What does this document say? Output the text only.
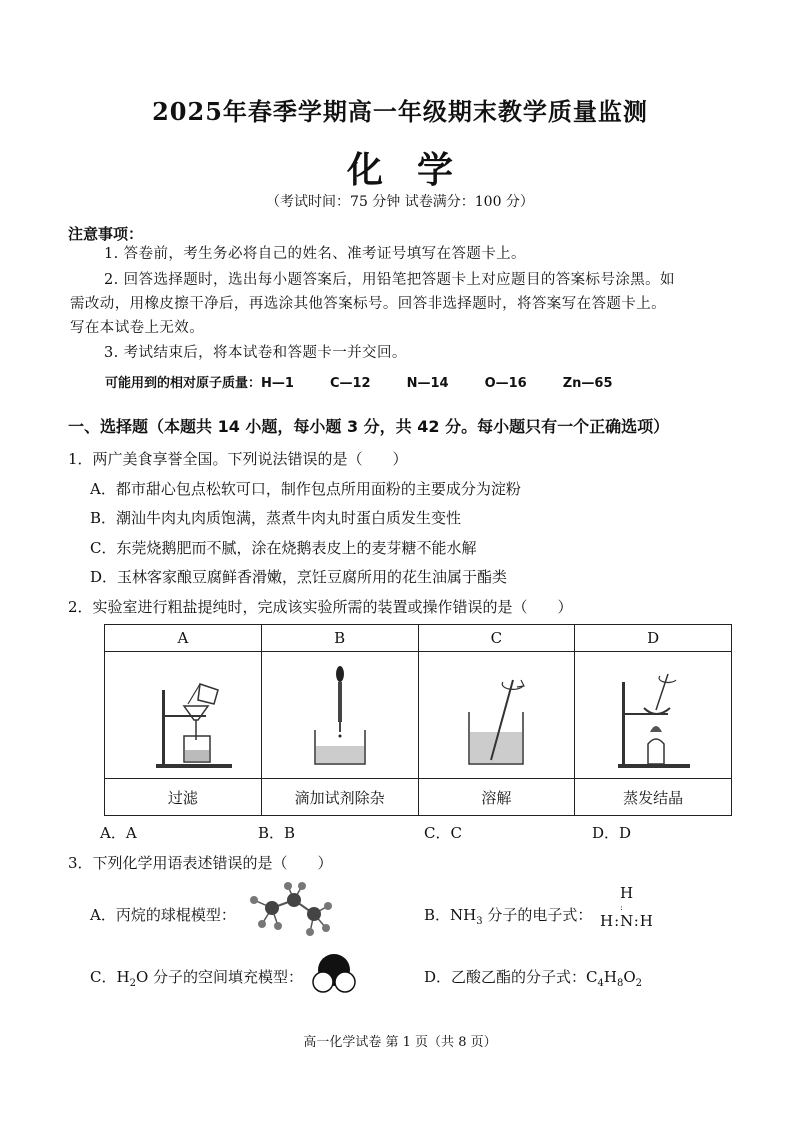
2025年春季学期高一年级期末教学质量监测
化学
（考试时间：75 分钟 试卷满分：100 分）
注意事项：
1. 答卷前，考生务必将自己的姓名、准考证号填写在答题卡上。
2. 回答选择题时，选出每小题答案后，用铅笔把答题卡上对应题目的答案标号涂黑。如
需改动，用橡皮擦干净后，再选涂其他答案标号。回答非选择题时，将答案写在答题卡上。
写在本试卷上无效。
3. 考试结束后，将本试卷和答题卡一并交回。
可能用到的相对原子质量：H—1	C—12	N—14	O—16	Zn—65
一、选择题（本题共 14 小题，每小题 3 分，共 42 分。每小题只有一个正确选项）
1．两广美食享誉全国。下列说法错误的是（　　）
A．都市甜心包点松软可口，制作包点所用面粉的主要成分为淀粉
B．潮汕牛肉丸肉质饱满，蒸煮牛肉丸时蛋白质发生变性
C．东莞烧鹅肥而不腻，涂在烧鹅表皮上的麦芽糖不能水解
D．玉林客家酿豆腐鲜香滑嫩，烹饪豆腐所用的花生油属于酯类
2．实验室进行粗盐提纯时，完成该实验所需的装置或操作错误的是（　　）
A	B	C	D

过滤	滴加试剂除杂	溶解	蒸发结晶
A．A	B．B	C．C	D．D
3．下列化学用语表述错误的是（　　）
A．丙烷的球棍模型：	B．$NH_3$ 分子的电子式：
H
:
H:N:H
C．$H_2O$ 分子的空间填充模型：	D．乙酸乙酯的分子式：$C_4H_8O_2$
高一化学试卷 第 1 页（共 8 页）
